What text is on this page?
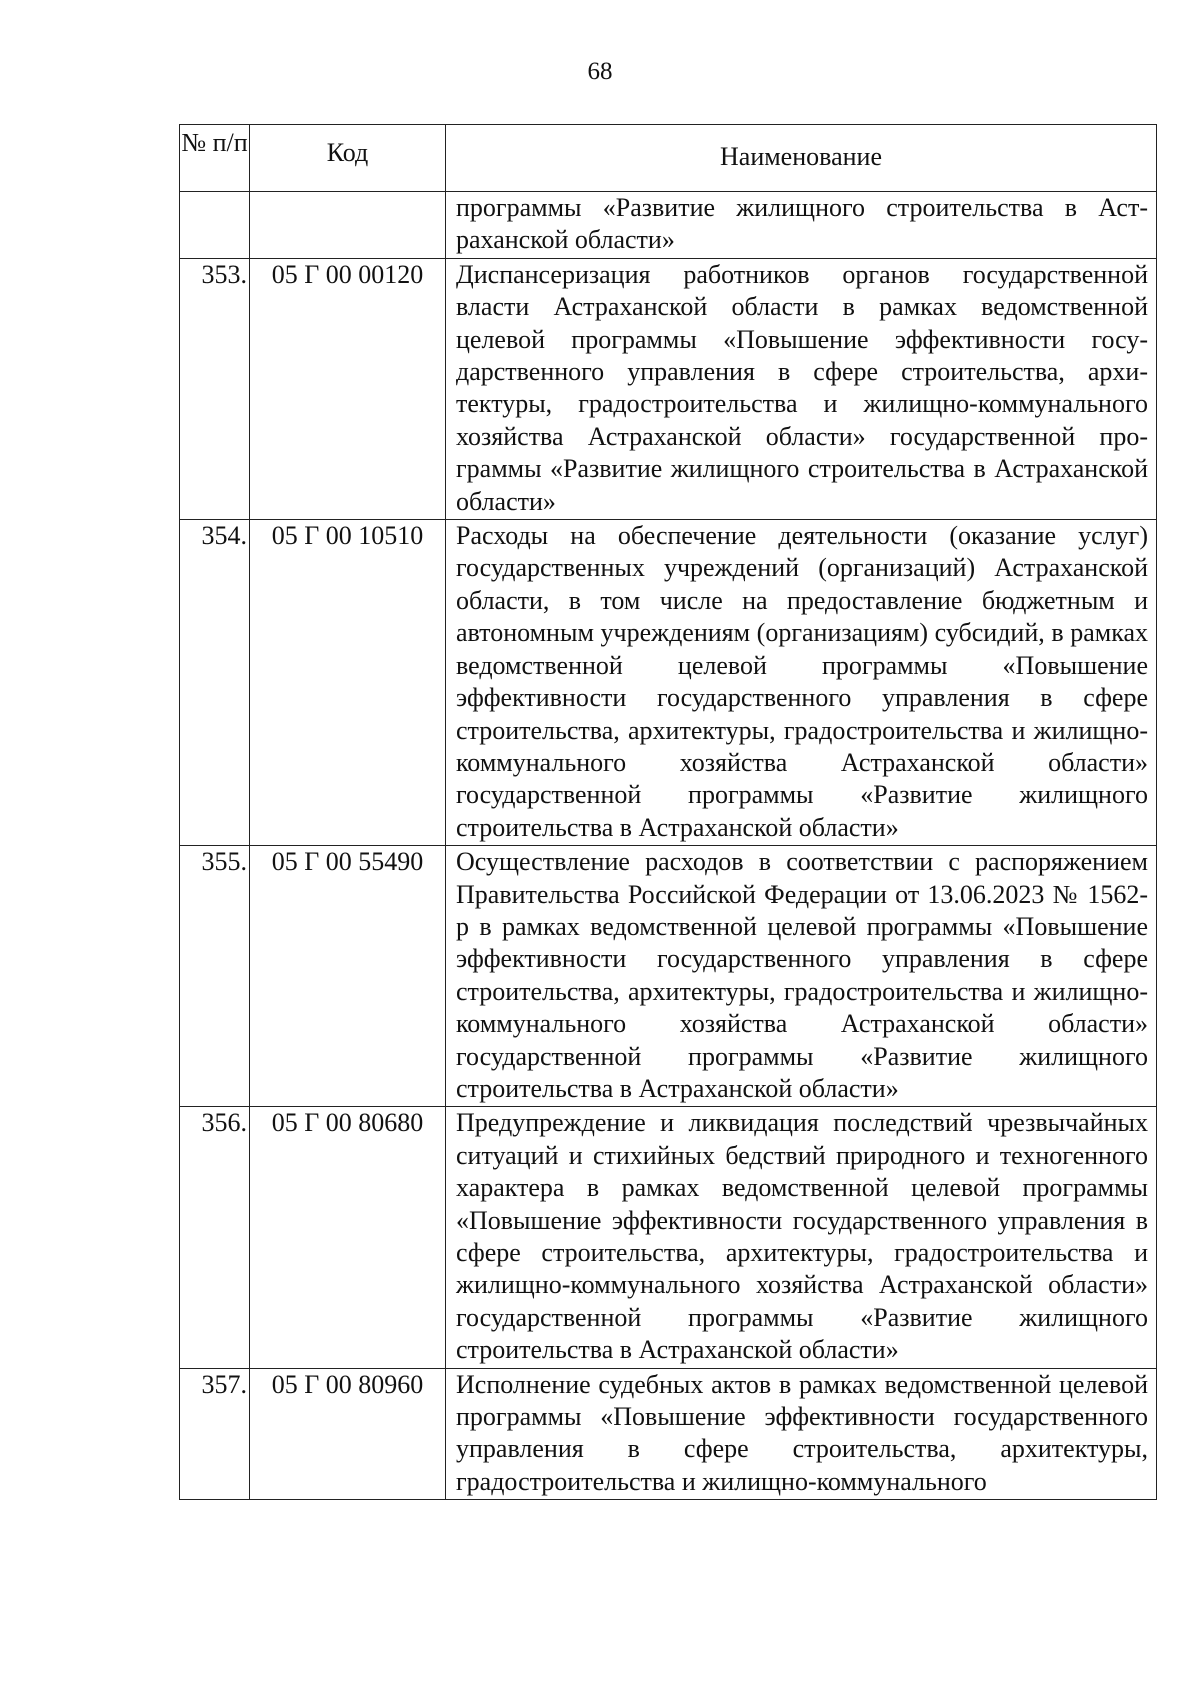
68
№ п/п	Код	Наименование
		программы «Развитие жилищного строительства в Астраханской области»
353.	05 Г 00 00120	Диспансеризация работников органов государственной власти Астраханской области в рамках ведомственной целевой программы «Повышение эффективности государственного управления в сфере строительства, архитектуры, градостроительства и жилищно-коммунального хозяйства Астраханской области» государственной программы «Развитие жилищного строительства в Астраханской области»
354.	05 Г 00 10510	Расходы на обеспечение деятельности (оказание услуг) государственных учреждений (организаций) Астраханской области, в том числе на предоставление бюджетным и автономным учреждениям (организациям) субсидий, в рамках ведомственной целевой программы «Повышение эффективности государственного управления в сфере строительства, архитектуры, градостроительства и жилищно-коммунального хозяйства Астраханской области» государственной программы «Развитие жилищного строительства в Астраханской области»
355.	05 Г 00 55490	Осуществление расходов в соответствии с распоряжением Правительства Российской Федерации от 13.06.2023 № 1562-р в рамках ведомственной целевой программы «Повышение эффективности государственного управления в сфере строительства, архитектуры, градостроительства и жилищно-коммунального хозяйства Астраханской области» государственной программы «Развитие жилищного строительства в Астраханской области»
356.	05 Г 00 80680	Предупреждение и ликвидация последствий чрезвычайных ситуаций и стихийных бедствий природного и техногенного характера в рамках ведомственной целевой программы «Повышение эффективности государственного управления в сфере строительства, архитектуры, градостроительства и жилищно-коммунального хозяйства Астраханской области» государственной программы «Развитие жилищного строительства в Астраханской области»
357.	05 Г 00 80960	Исполнение судебных актов в рамках ведомственной целевой программы «Повышение эффективности государственного управления в сфере строительства, архитектуры, градостроительства и жилищно-коммунального
